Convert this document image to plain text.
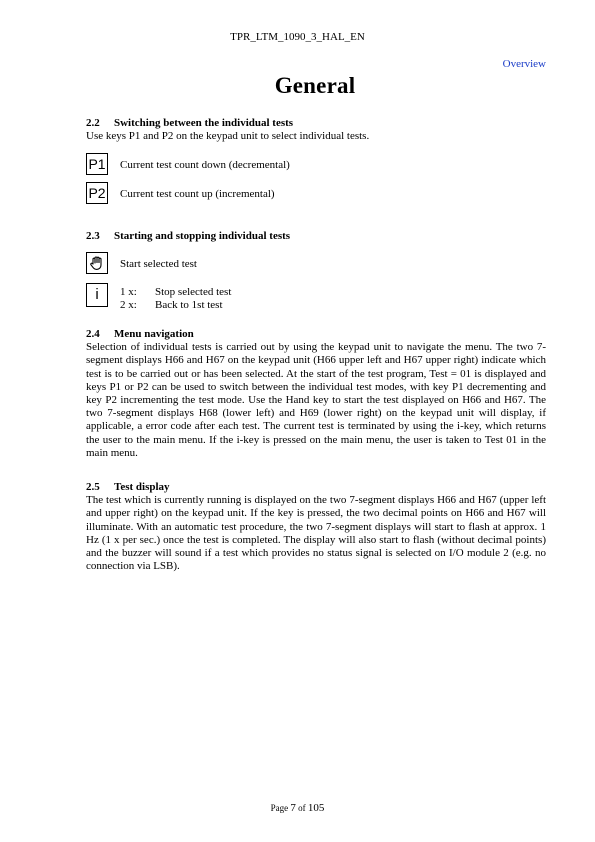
TPR_LTM_1090_3_HAL_EN
Overview
General

2.2 Switching between the individual tests

Use keys P1 and P2 on the keypad unit to select individual tests.

P1 Current test count down (decremental)
P2 Current test count up (incremental)

2.3 Starting and stopping individual tests

Start selected test
i	1 x: Stop selected test
2 x: Back to 1st test

2.4 Menu navigation

Selection of individual tests is carried out by using the keypad unit to navigate the menu. The two 7-segment displays H66 and H67 on the keypad unit (H66 upper left and H67 upper right) indicate which test is to be carried out or has been selected. At the start of the test program, Test = 01 is displayed and keys P1 or P2 can be used to switch between the individual test modes, with key P1 decrementing and key P2 incrementing the test mode. Use the Hand key to start the test displayed on H66 and H67. The two 7-segment displays H68 (lower left) and H69 (lower right) on the keypad unit will display, if applicable, a error code after each test. The current test is terminated by using the i-key, which returns the user to the main menu. If the i-key is pressed on the main menu, the user is taken to Test 01 in the main menu.

2.5 Test display

The test which is currently running is displayed on the two 7-segment displays H66 and H67 (upper left and upper right) on the keypad unit. If the key is pressed, the two decimal points on H66 and H67 will illuminate. With an automatic test procedure, the two 7-segment displays will start to flash at approx. 1 Hz (1 x per sec.) once the test is completed. The display will also start to flash (without decimal points) and the buzzer will sound if a test which provides no status signal is selected on I/O module 2 (e.g. no connection via LSB).

Page 7 of 105
